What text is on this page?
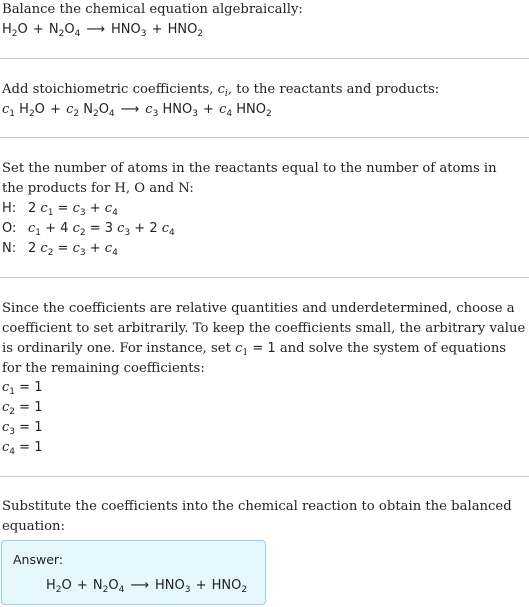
Balance the chemical equation algebraically:
$H_2O + N_2O_4$ ⟶ $HNO_3 + HNO_2$
Add stoichiometric coefficients, $c_i$, to the reactants and products:
$c_1$ $H_2O + c_2$ $N_2O_4$ ⟶ $c_3$ $HNO_3 + c_4$ $HNO_2$
Set the number of atoms in the reactants equal to the number of atoms in the products for H, O and N:
H: 2 $c_1 = c_3 + c_4$
O: $c_1 + 4$ $c_2 = 3$ $c_3 + 2$ $c_4$
N: 2 $c_2 = c_3 + c_4$
Since the coefficients are relative quantities and underdetermined, choose a coefficient to set arbitrarily. To keep the coefficients small, the arbitrary value is ordinarily one. For instance, set $c_1 = 1$ and solve the system of equations for the remaining coefficients:
$c_1 = 1$
$c_2 = 1$
$c_3 = 1$
$c_4 = 1$
Substitute the coefficients into the chemical reaction to obtain the balanced equation:
Answer:
$H_2O + N_2O_4$ ⟶ $HNO_3 + HNO_2$
